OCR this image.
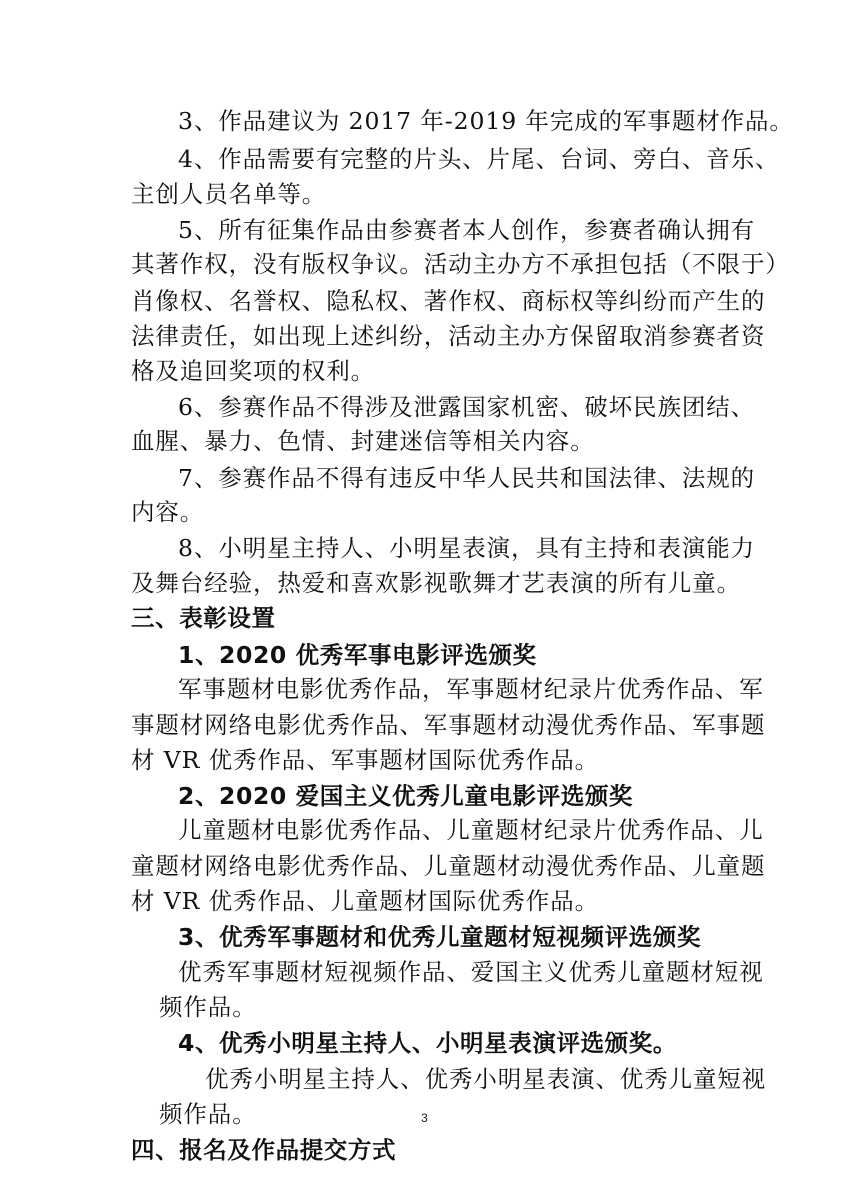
3、作品建议为 2017 年-2019 年完成的军事题材作品。

4、作品需要有完整的片头、片尾、台词、旁白、音乐、

主创人员名单等。

5、所有征集作品由参赛者本人创作，参赛者确认拥有

其著作权，没有版权争议。活动主办方不承担包括（不限于）

肖像权、名誉权、隐私权、著作权、商标权等纠纷而产生的

法律责任，如出现上述纠纷，活动主办方保留取消参赛者资

格及追回奖项的权利。

6、参赛作品不得涉及泄露国家机密、破坏民族团结、

血腥、暴力、色情、封建迷信等相关内容。

7、参赛作品不得有违反中华人民共和国法律、法规的

内容。

8、小明星主持人、小明星表演，具有主持和表演能力

及舞台经验，热爱和喜欢影视歌舞才艺表演的所有儿童。

三、表彰设置

1、2020 优秀军事电影评选颁奖

军事题材电影优秀作品，军事题材纪录片优秀作品、军

事题材网络电影优秀作品、军事题材动漫优秀作品、军事题

材 VR 优秀作品、军事题材国际优秀作品。

2、2020 爱国主义优秀儿童电影评选颁奖

儿童题材电影优秀作品、儿童题材纪录片优秀作品、儿

童题材网络电影优秀作品、儿童题材动漫优秀作品、儿童题

材 VR 优秀作品、儿童题材国际优秀作品。

3、优秀军事题材和优秀儿童题材短视频评选颁奖

优秀军事题材短视频作品、爱国主义优秀儿童题材短视

频作品。

4、优秀小明星主持人、小明星表演评选颁奖。

优秀小明星主持人、优秀小明星表演、优秀儿童短视

频作品。

四、报名及作品提交方式

3
